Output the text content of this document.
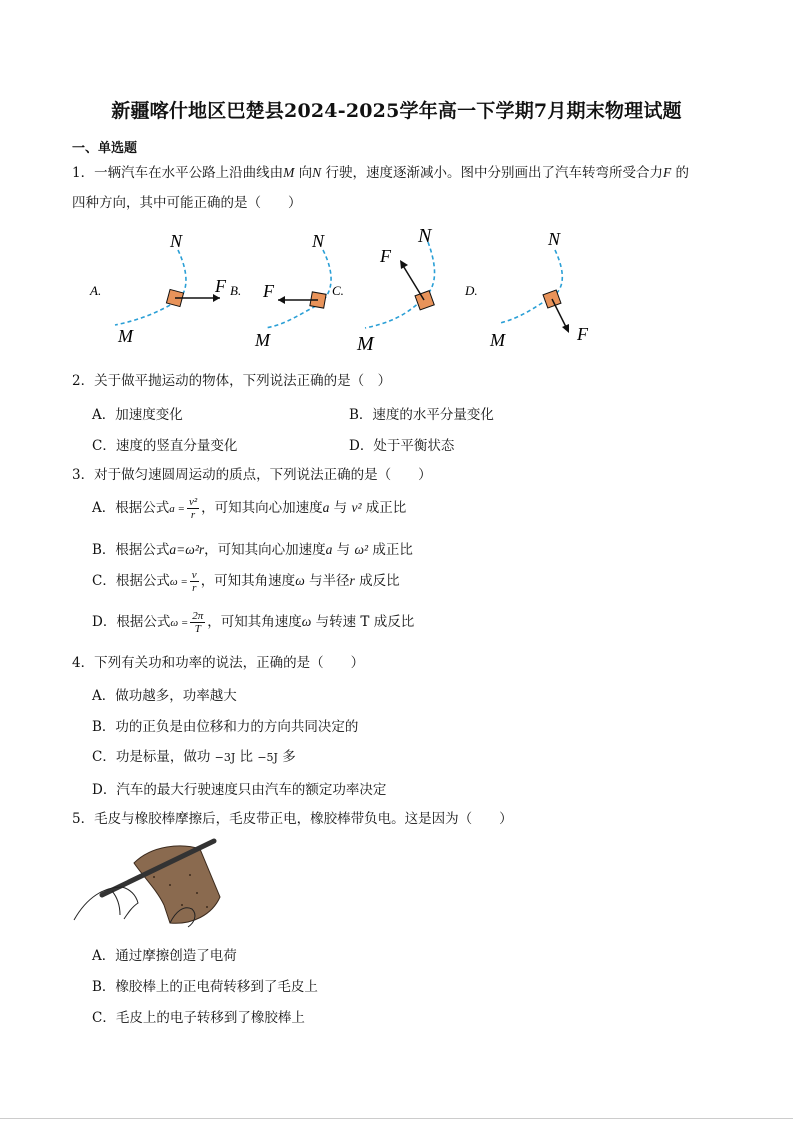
新疆喀什地区巴楚县2024-2025学年高一下学期7月期末物理试题
一、单选题
1．一辆汽车在水平公路上沿曲线由M 向N 行驶，速度逐渐减小。图中分别画出了汽车转弯所受合力F 的
四种方向，其中可能正确的是（　　）
A.
N
M
F B.
N
M
F	C.
N
M
F
D.
N
M	F
2．关于做平抛运动的物体，下列说法正确的是（　）
A．加速度变化	B．速度的水平分量变化
C．速度的竖直分量变化	D．处于平衡状态
3．对于做匀速圆周运动的质点，下列说法正确的是（　　）
A．根据公式$a = \frac{\text{v²}}{r}$ ，可知其向心加速度a 与 v² 成正比
B．根据公式a=ω²r，可知其向心加速度a 与 ω² 成正比
C．根据公式$\omega = \frac{v}{r}$ ，可知其角速度ω 与半径r 成反比
D．根据公式$\omega = \frac{2\pi}{T}$ ，可知其角速度ω 与转速 T 成反比
4．下列有关功和功率的说法，正确的是（　　）
A．做功越多，功率越大
B．功的正负是由位移和力的方向共同决定的
C．功是标量，做功 −3J 比 −5J 多
D．汽车的最大行驶速度只由汽车的额定功率决定
5．毛皮与橡胶棒摩擦后，毛皮带正电，橡胶棒带负电。这是因为（　　）
A．通过摩擦创造了电荷
B．橡胶棒上的正电荷转移到了毛皮上
C．毛皮上的电子转移到了橡胶棒上
